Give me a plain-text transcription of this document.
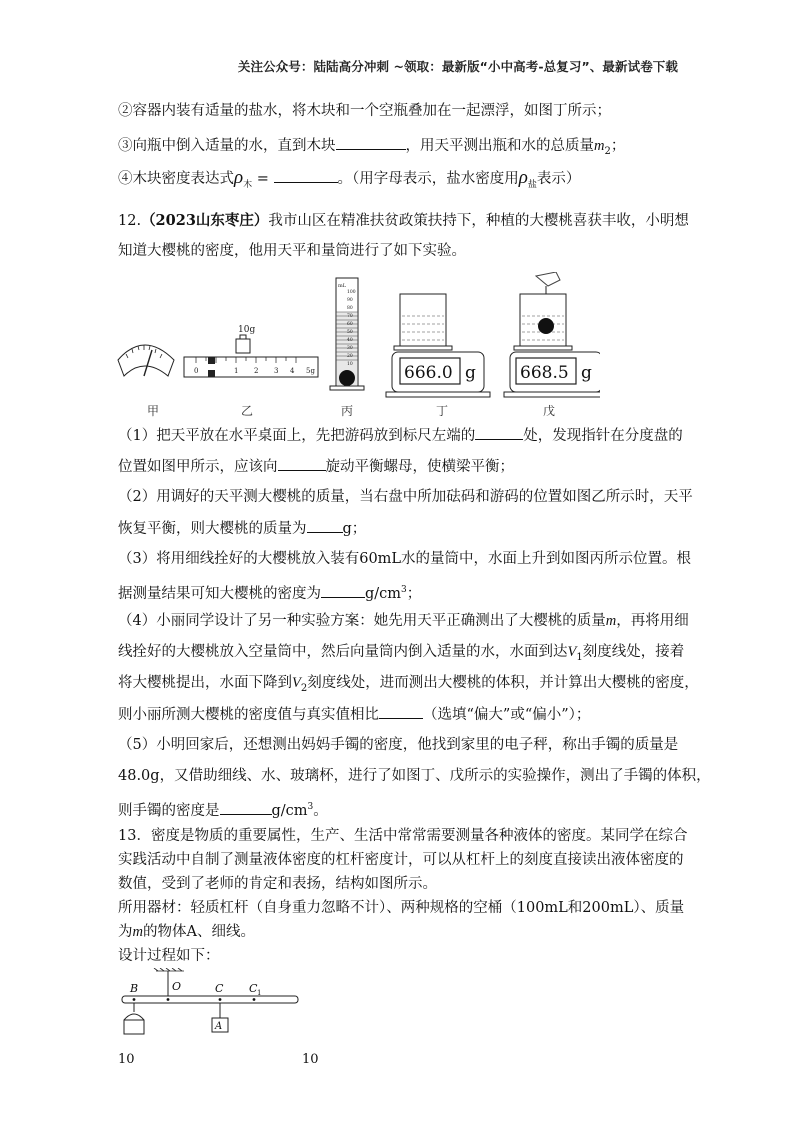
关注公众号：陆陆高分冲刺 ~领取：最新版“小中高考-总复习”、最新试卷下载
②容器内装有适量的盐水，将木块和一个空瓶叠加在一起漂浮，如图丁所示；
③向瓶中倒入适量的水，直到木块	，用天平测出瓶和水的总质量$m_2$；
④木块密度表达式$\rho_木$ =	。（用字母表示，盐水密度用$\rho_盐$表示）
12.（2023山东枣庄）我市山区在精准扶贫政策扶持下，种植的大樱桃喜获丰收，小明想
知道大樱桃的密度，他用天平和量筒进行了如下实验。
10g
0	1 2 3 4 5g
mL
666.0 g	668.5 g
100
90
80
70
60
50
40
30
20
10
甲	乙	丙	丁	戊
（1）把天平放在水平桌面上，先把游码放到标尺左端的	处，发现指针在分度盘的
位置如图甲所示，应该向	旋动平衡螺母，使横梁平衡；
（2）用调好的天平测大樱桃的质量，当右盘中所加砝码和游码的位置如图乙所示时，天平
恢复平衡，则大樱桃的质量为 g；
（3）将用细线拴好的大樱桃放入装有60mL水的量筒中，水面上升到如图丙所示位置。根
据测量结果可知大樱桃的密度为	$g/cm^3$；
（4）小丽同学设计了另一种实验方案：她先用天平正确测出了大樱桃的质量m，再将用细
线拴好的大樱桃放入空量筒中，然后向量筒内倒入适量的水，水面到达$V_1$刻度线处，接着
将大樱桃提出，水面下降到$V_2$刻度线处，进而测出大樱桃的体积，并计算出大樱桃的密度，
则小丽所测大樱桃的密度值与真实值相比	（选填“偏大”或“偏小”）；
（5）小明回家后，还想测出妈妈手镯的密度，他找到家里的电子秤，称出手镯的质量是
48.0g，又借助细线、水、玻璃杯，进行了如图丁、戊所示的实验操作，测出了手镯的体积，
则手镯的密度是	$g/cm^3$。
13．密度是物质的重要属性，生产、生活中常常需要测量各种液体的密度。某同学在综合
实践活动中自制了测量液体密度的杠杆密度计，可以从杠杆上的刻度直接读出液体密度的
数值，受到了老师的肯定和表扬，结构如图所示。
所用器材：轻质杠杆（自身重力忽略不计）、两种规格的空桶（100mL和200mL）、质量
为m的物体A、细线。
设计过程如下：
B	O	C C 1
A
10	10
